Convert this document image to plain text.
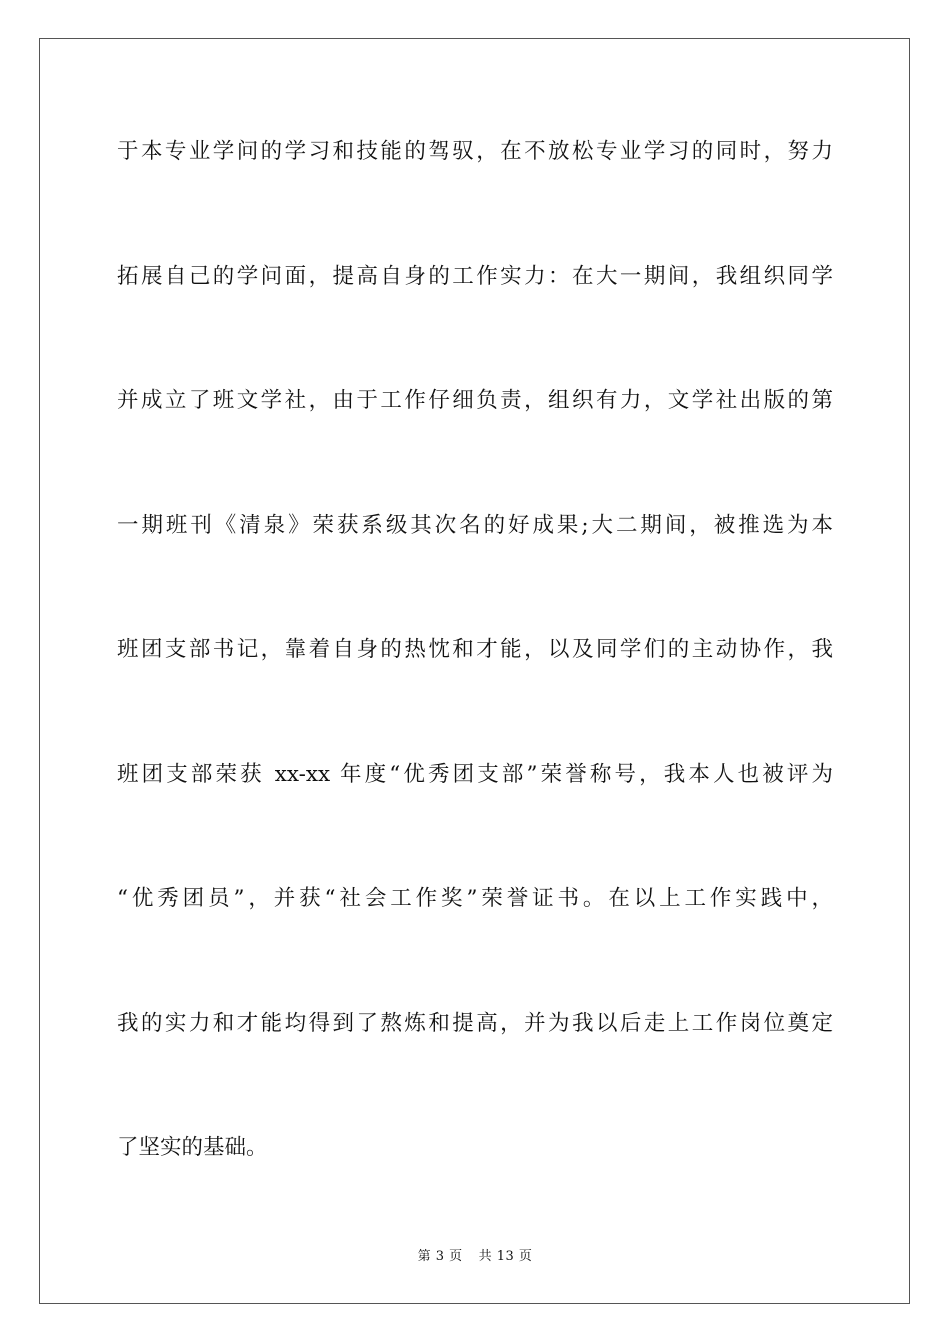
于本专业学问的学习和技能的驾驭，在不放松专业学习的同时，努力
拓展自己的学问面，提高自身的工作实力：在大一期间，我组织同学
并成立了班文学社，由于工作仔细负责，组织有力，文学社出版的第
一期班刊《清泉》荣获系级其次名的好成果;大二期间，被推选为本
班团支部书记，靠着自身的热忱和才能，以及同学们的主动协作，我
班团支部荣获 xx-xx 年度“优秀团支部”荣誉称号，我本人也被评为
“优秀团员”，并获“社会工作奖”荣誉证书。在以上工作实践中，
我的实力和才能均得到了熬炼和提高，并为我以后走上工作岗位奠定
了坚实的基础。
第 3 页 共 13 页
